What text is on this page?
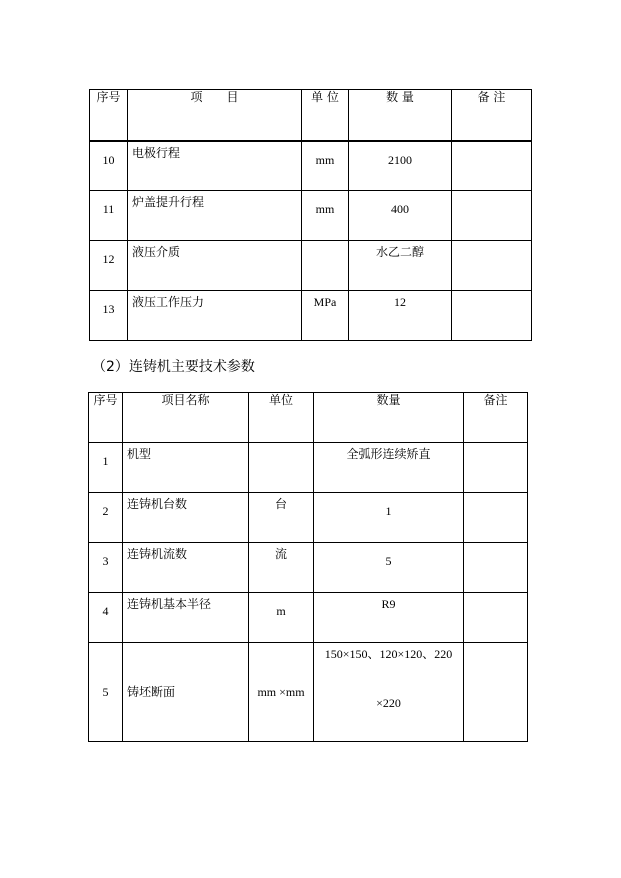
序号	项　　目	单 位	数 量	备 注
10	电极行程	mm	2100	
11	炉盖提升行程	mm	400	
12	液压介质		水乙二醇	
13	液压工作压力	MPa	12	
（2）连铸机主要技术参数
序号	项目名称	单位	数量	备注
1	机型		全弧形连续矫直	
2	连铸机台数	台	1	
3	连铸机流数	流	5	
4	连铸机基本半径	m	R9	
5	铸坯断面	mm ×mm	150×150、120×120、220
×220	
